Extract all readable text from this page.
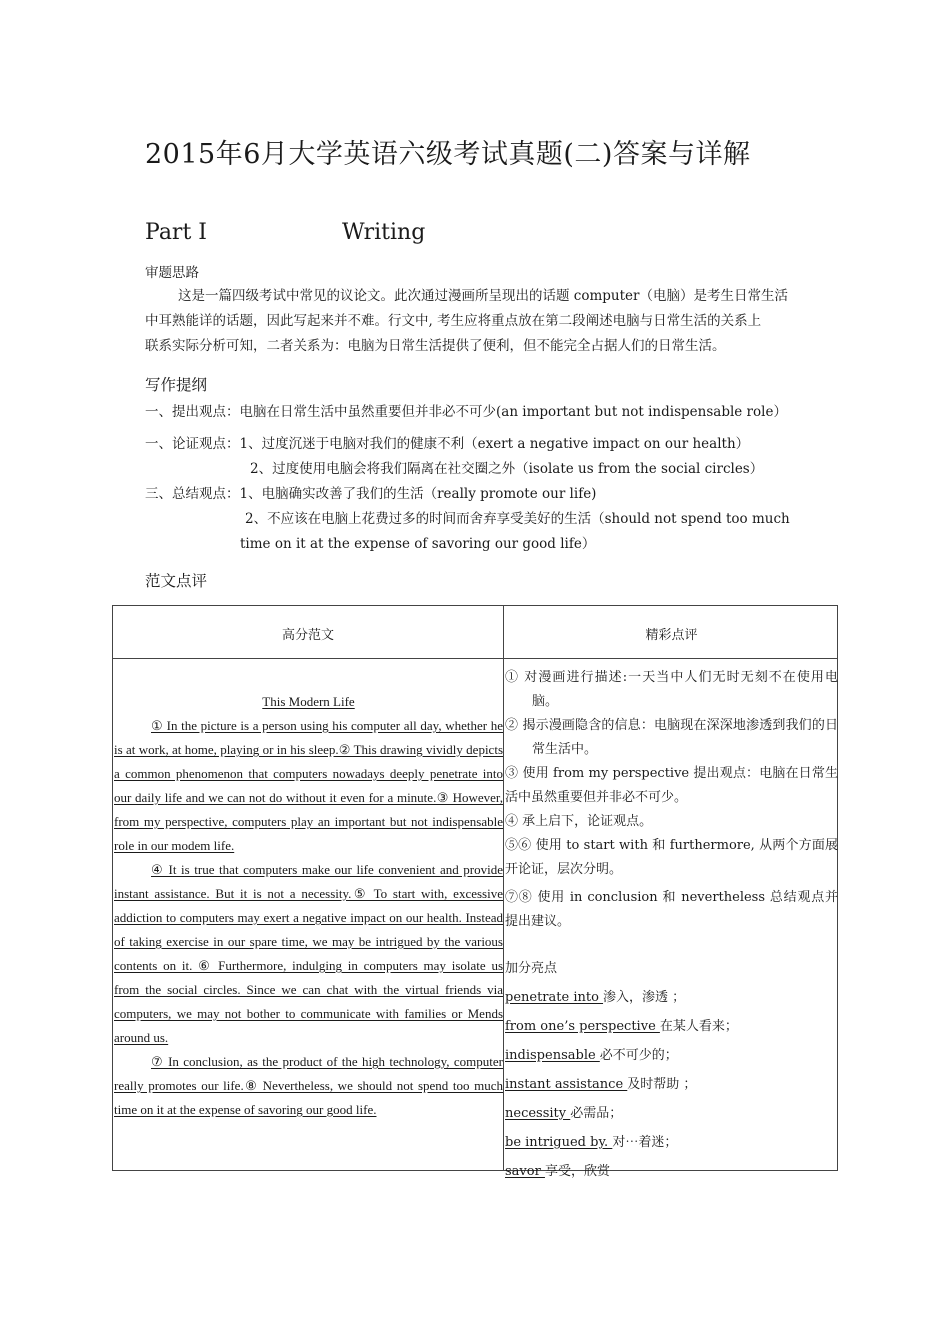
2015年6月大学英语六级考试真题(二)答案与详解
Part Ⅰ	Writing
审题思路

这是一篇四级考试中常见的议论文。此次通过漫画所呈现出的话题 computer（电脑）是考生日常生活

中耳熟能详的话题，因此写起来并不难。行文中, 考生应将重点放在第二段阐述电脑与日常生活的关系上

联系实际分析可知，二者关系为：电脑为日常生活提供了便利，但不能完全占据人们的日常生活。

写作提纲
一、提出观点：电脑在日常生活中虽然重要但并非必不可少(an important but not indispensable role）
一、论证观点：1、过度沉迷于电脑对我们的健康不利（exert a negative impact on our health）
2、过度使用电脑会将我们隔离在社交圈之外（isolate us from the social circles）
三、总结观点：1、电脑确实改善了我们的生活（really promote our life)
2、不应该在电脑上花费过多的时间而舍弃享受美好的生活（should not spend too much
time on it at the expense of savoring our good life）
范文点评
高分范文	精彩点评

This Modern Life

① In the picture is a person using his computer all day, whether he is at work, at home, playing or in his sleep.② This drawing vividly depicts a common phenomenon that computers nowadays deeply penetrate into our daily life and we can not do without it even for a minute.③ However, from my perspective, computers play an important but not indispensable role in our modem life.

④ It is true that computers make our life convenient and provide instant assistance. But it is not a necessity.⑤ To start with, excessive addiction to computers may exert a negative impact on our health. Instead of taking exercise in our spare time, we may be intrigued by the various contents on it. ⑥ Furthermore, indulging in computers may isolate us from the social circles. Since we can chat with the virtual friends via computers, we may not bother to communicate with families or Mends around us.

⑦ In conclusion, as the product of the high technology, computer really promotes our life.⑧ Nevertheless, we should not spend too much time on it at the expense of savoring our good life.

① 对漫画进行描述:一天当中人们无时无刻不在使用电脑。

② 揭示漫画隐含的信息：电脑现在深深地渗透到我们的日常生活中。

③ 使用 from my perspective 提出观点：电脑在日常生活中虽然重要但并非必不可少。

④ 承上启下，论证观点。

⑤⑥ 使用 to start with 和 furthermore, 从两个方面展开论证，层次分明。

⑦⑧ 使用 in conclusion 和 nevertheless 总结观点并提出建议。

加分亮点

penetrate into 渗入，渗透 ；

from one’s perspective 在某人看来；

indispensable 必不可少的；

instant assistance 及时帮助 ；

necessity 必需品；

be intrigued by. 对⋯着迷；

savor 享受，欣赏
